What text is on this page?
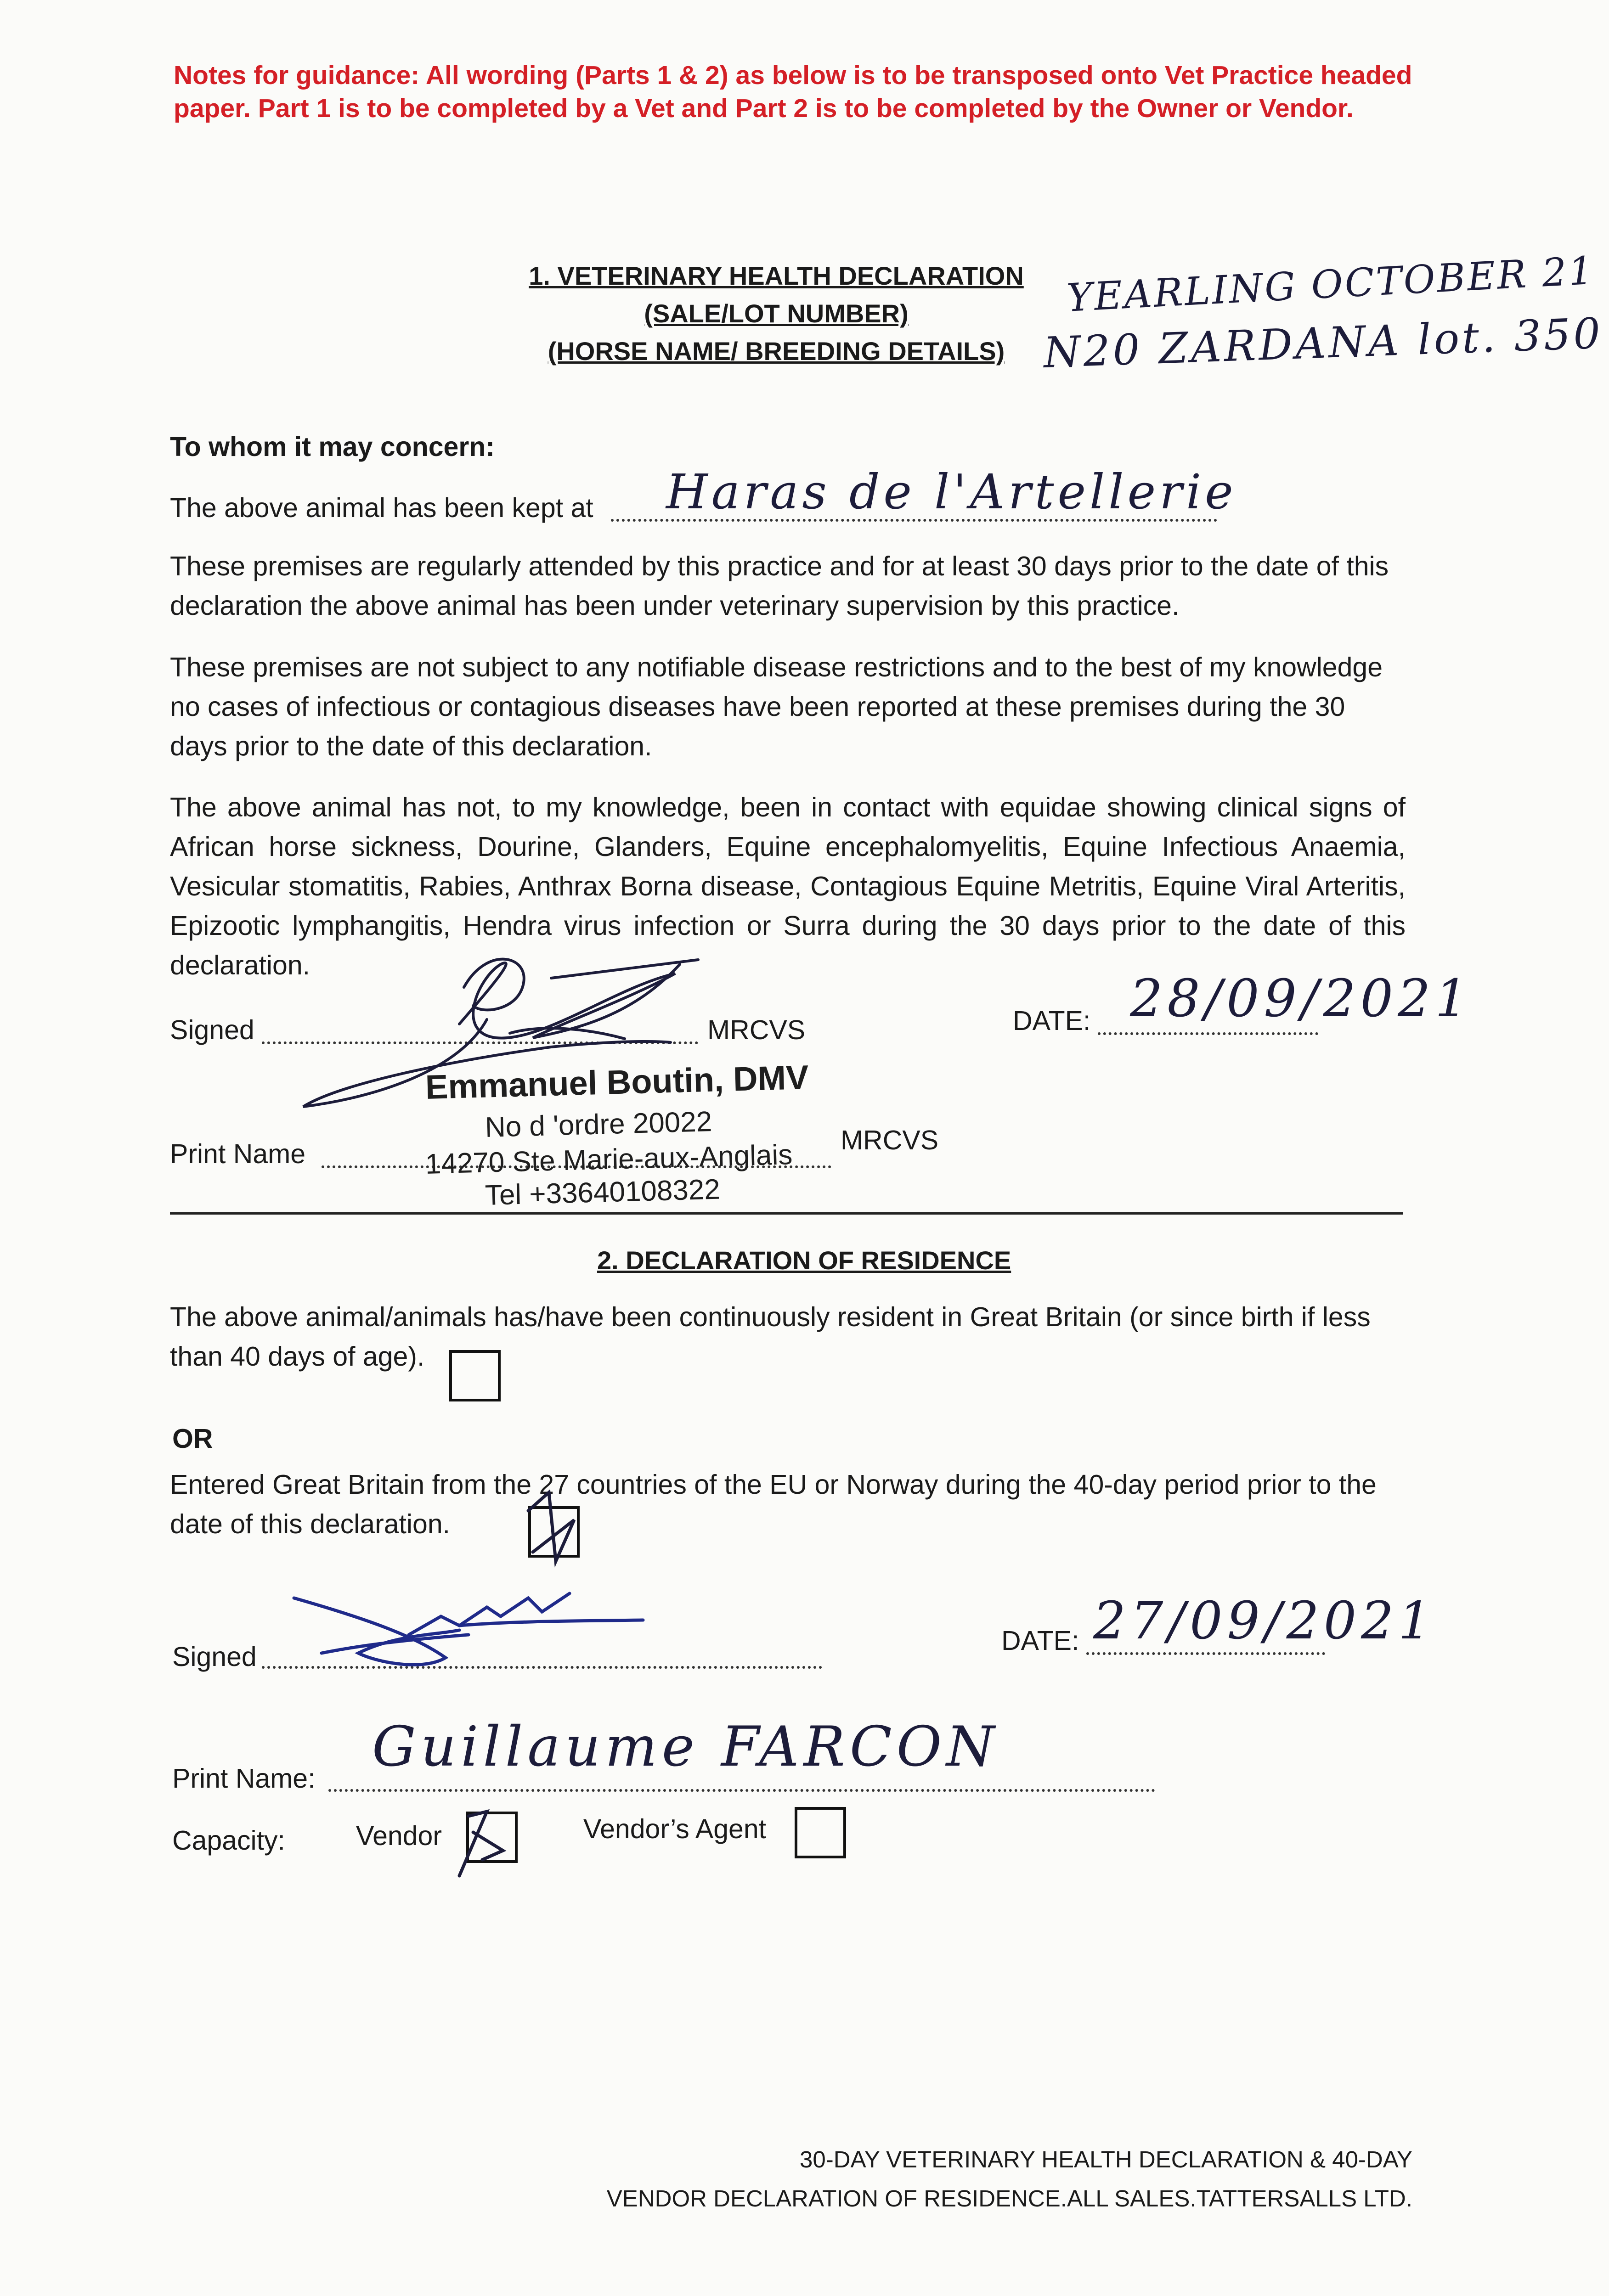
Notes for guidance: All wording (Parts 1 & 2) as below is to be transposed onto Vet Practice headed paper. Part 1 is to be completed by a Vet and Part 2 is to be completed by the Owner or Vendor.
1. VETERINARY HEALTH DECLARATION
(SALE/LOT NUMBER)
(HORSE NAME/ BREEDING DETAILS)
YEARLING OCTOBER 21
N20 ZARDANA lot. 350
To whom it may concern:
The above animal has been kept at Haras de l'Artellerie
These premises are regularly attended by this practice and for at least 30 days prior to the date of this declaration the above animal has been under veterinary supervision by this practice.
These premises are not subject to any notifiable disease restrictions and to the best of my knowledge no cases of infectious or contagious diseases have been reported at these premises during the 30 days prior to the date of this declaration.
The above animal has not, to my knowledge, been in contact with equidae showing clinical signs of African horse sickness, Dourine, Glanders, Equine encephalomyelitis, Equine Infectious Anaemia, Vesicular stomatitis, Rabies, Anthrax Borna disease, Contagious Equine Metritis, Equine Viral Arteritis, Epizootic lymphangitis, Hendra virus infection or Surra during the 30 days prior to the date of this declaration.
Signed	MRCVS	DATE: 28/09/2021
Print Name	MRCVS
Emmanuel Boutin, DMV
No d 'ordre 20022
14270 Ste Marie-aux-Anglais
Tel +33640108322
2. DECLARATION OF RESIDENCE
The above animal/animals has/have been continuously resident in Great Britain (or since birth if less than 40 days of age).
OR
Entered Great Britain from the 27 countries of the EU or Norway during the 40-day period prior to the date of this declaration.
Signed
DATE: 27/09/2021
Print Name: Guillaume FARCON
Capacity:	Vendor	Vendor’s Agent
30-DAY VETERINARY HEALTH DECLARATION & 40-DAY
VENDOR DECLARATION OF RESIDENCE.ALL SALES.TATTERSALLS LTD.
